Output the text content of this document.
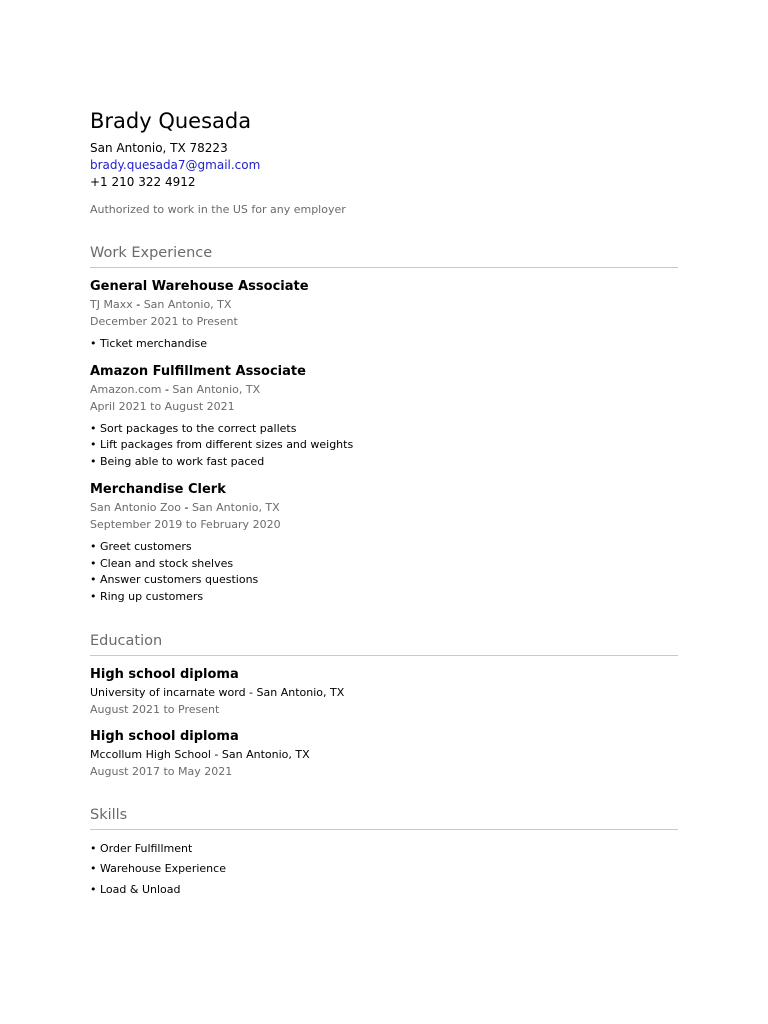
Brady Quesada
San Antonio, TX 78223
brady.quesada7@gmail.com
+1 210 322 4912
Authorized to work in the US for any employer
Work Experience
General Warehouse Associate
TJ Maxx - San Antonio, TX
December 2021 to Present
• Ticket merchandise
Amazon Fulfillment Associate
Amazon.com - San Antonio, TX
April 2021 to August 2021
• Sort packages to the correct pallets
• Lift packages from different sizes and weights
• Being able to work fast paced
Merchandise Clerk
San Antonio Zoo - San Antonio, TX
September 2019 to February 2020
• Greet customers
• Clean and stock shelves
• Answer customers questions
• Ring up customers
Education
High school diploma
University of incarnate word - San Antonio, TX
August 2021 to Present
High school diploma
Mccollum High School - San Antonio, TX
August 2017 to May 2021
Skills
• Order Fulfillment
• Warehouse Experience
• Load & Unload
